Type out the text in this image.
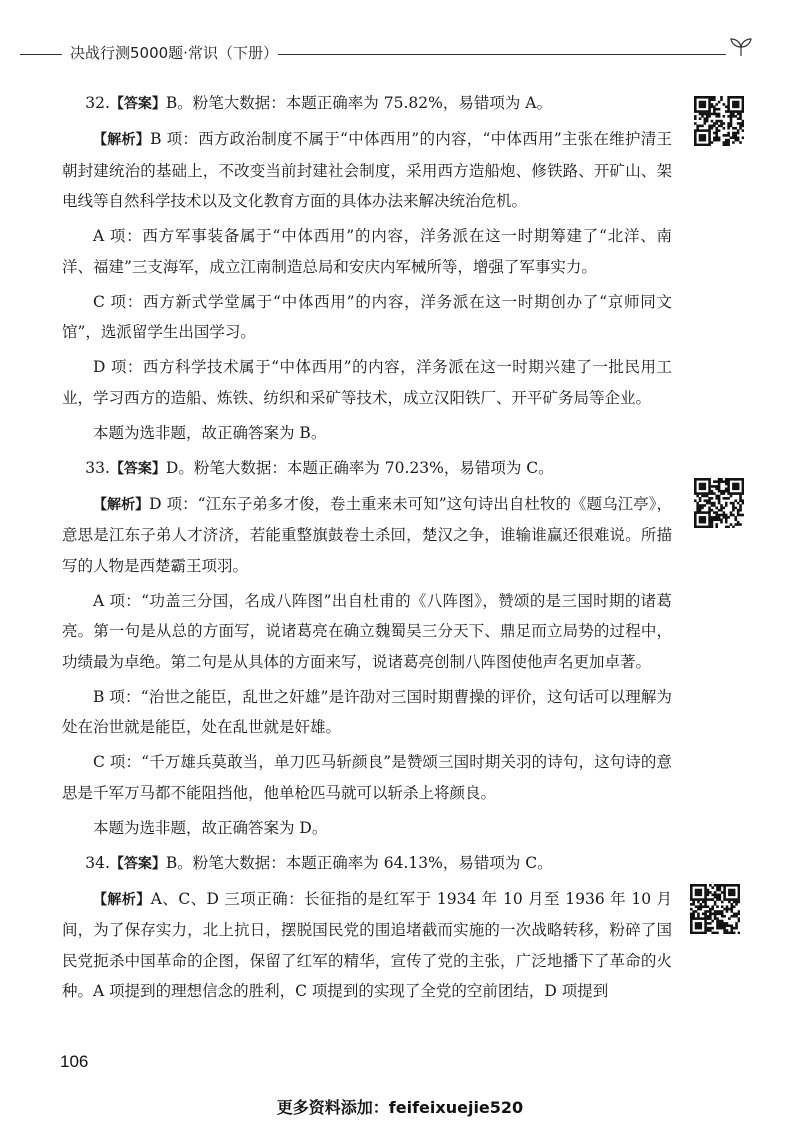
决战行测5000题·常识（下册）

32.【答案】B。粉笔大数据：本题正确率为 75.82%，易错项为 A。

【解析】B 项：西方政治制度不属于“中体西用”的内容，“中体西用”主张在维护清王朝封建统治的基础上，不改变当前封建社会制度，采用西方造船炮、修铁路、开矿山、架电线等自然科学技术以及文化教育方面的具体办法来解决统治危机。

A 项：西方军事装备属于“中体西用”的内容，洋务派在这一时期筹建了“北洋、南洋、福建”三支海军，成立江南制造总局和安庆内军械所等，增强了军事实力。

C 项：西方新式学堂属于“中体西用”的内容，洋务派在这一时期创办了“京师同文馆”，选派留学生出国学习。

D 项：西方科学技术属于“中体西用”的内容，洋务派在这一时期兴建了一批民用工业，学习西方的造船、炼铁、纺织和采矿等技术，成立汉阳铁厂、开平矿务局等企业。

本题为选非题，故正确答案为 B。

33.【答案】D。粉笔大数据：本题正确率为 70.23%，易错项为 C。

【解析】D 项：“江东子弟多才俊，卷土重来未可知”这句诗出自杜牧的《题乌江亭》，意思是江东子弟人才济济，若能重整旗鼓卷土杀回，楚汉之争，谁输谁赢还很难说。所描写的人物是西楚霸王项羽。

A 项：“功盖三分国，名成八阵图”出自杜甫的《八阵图》，赞颂的是三国时期的诸葛亮。第一句是从总的方面写，说诸葛亮在确立魏蜀吴三分天下、鼎足而立局势的过程中，功绩最为卓绝。第二句是从具体的方面来写，说诸葛亮创制八阵图使他声名更加卓著。

B 项：“治世之能臣，乱世之奸雄”是许劭对三国时期曹操的评价，这句话可以理解为处在治世就是能臣，处在乱世就是奸雄。

C 项：“千万雄兵莫敢当，单刀匹马斩颜良”是赞颂三国时期关羽的诗句，这句诗的意思是千军万马都不能阻挡他，他单枪匹马就可以斩杀上将颜良。

本题为选非题，故正确答案为 D。

34.【答案】B。粉笔大数据：本题正确率为 64.13%，易错项为 C。

【解析】A、C、D 三项正确：长征指的是红军于 1934 年 10 月至 1936 年 10 月间，为了保存实力，北上抗日，摆脱国民党的围追堵截而实施的一次战略转移，粉碎了国民党扼杀中国革命的企图，保留了红军的精华，宣传了党的主张，广泛地播下了革命的火种。A 项提到的理想信念的胜利，C 项提到的实现了全党的空前团结，D 项提到

106
更多资料添加：feifeixuejie520
